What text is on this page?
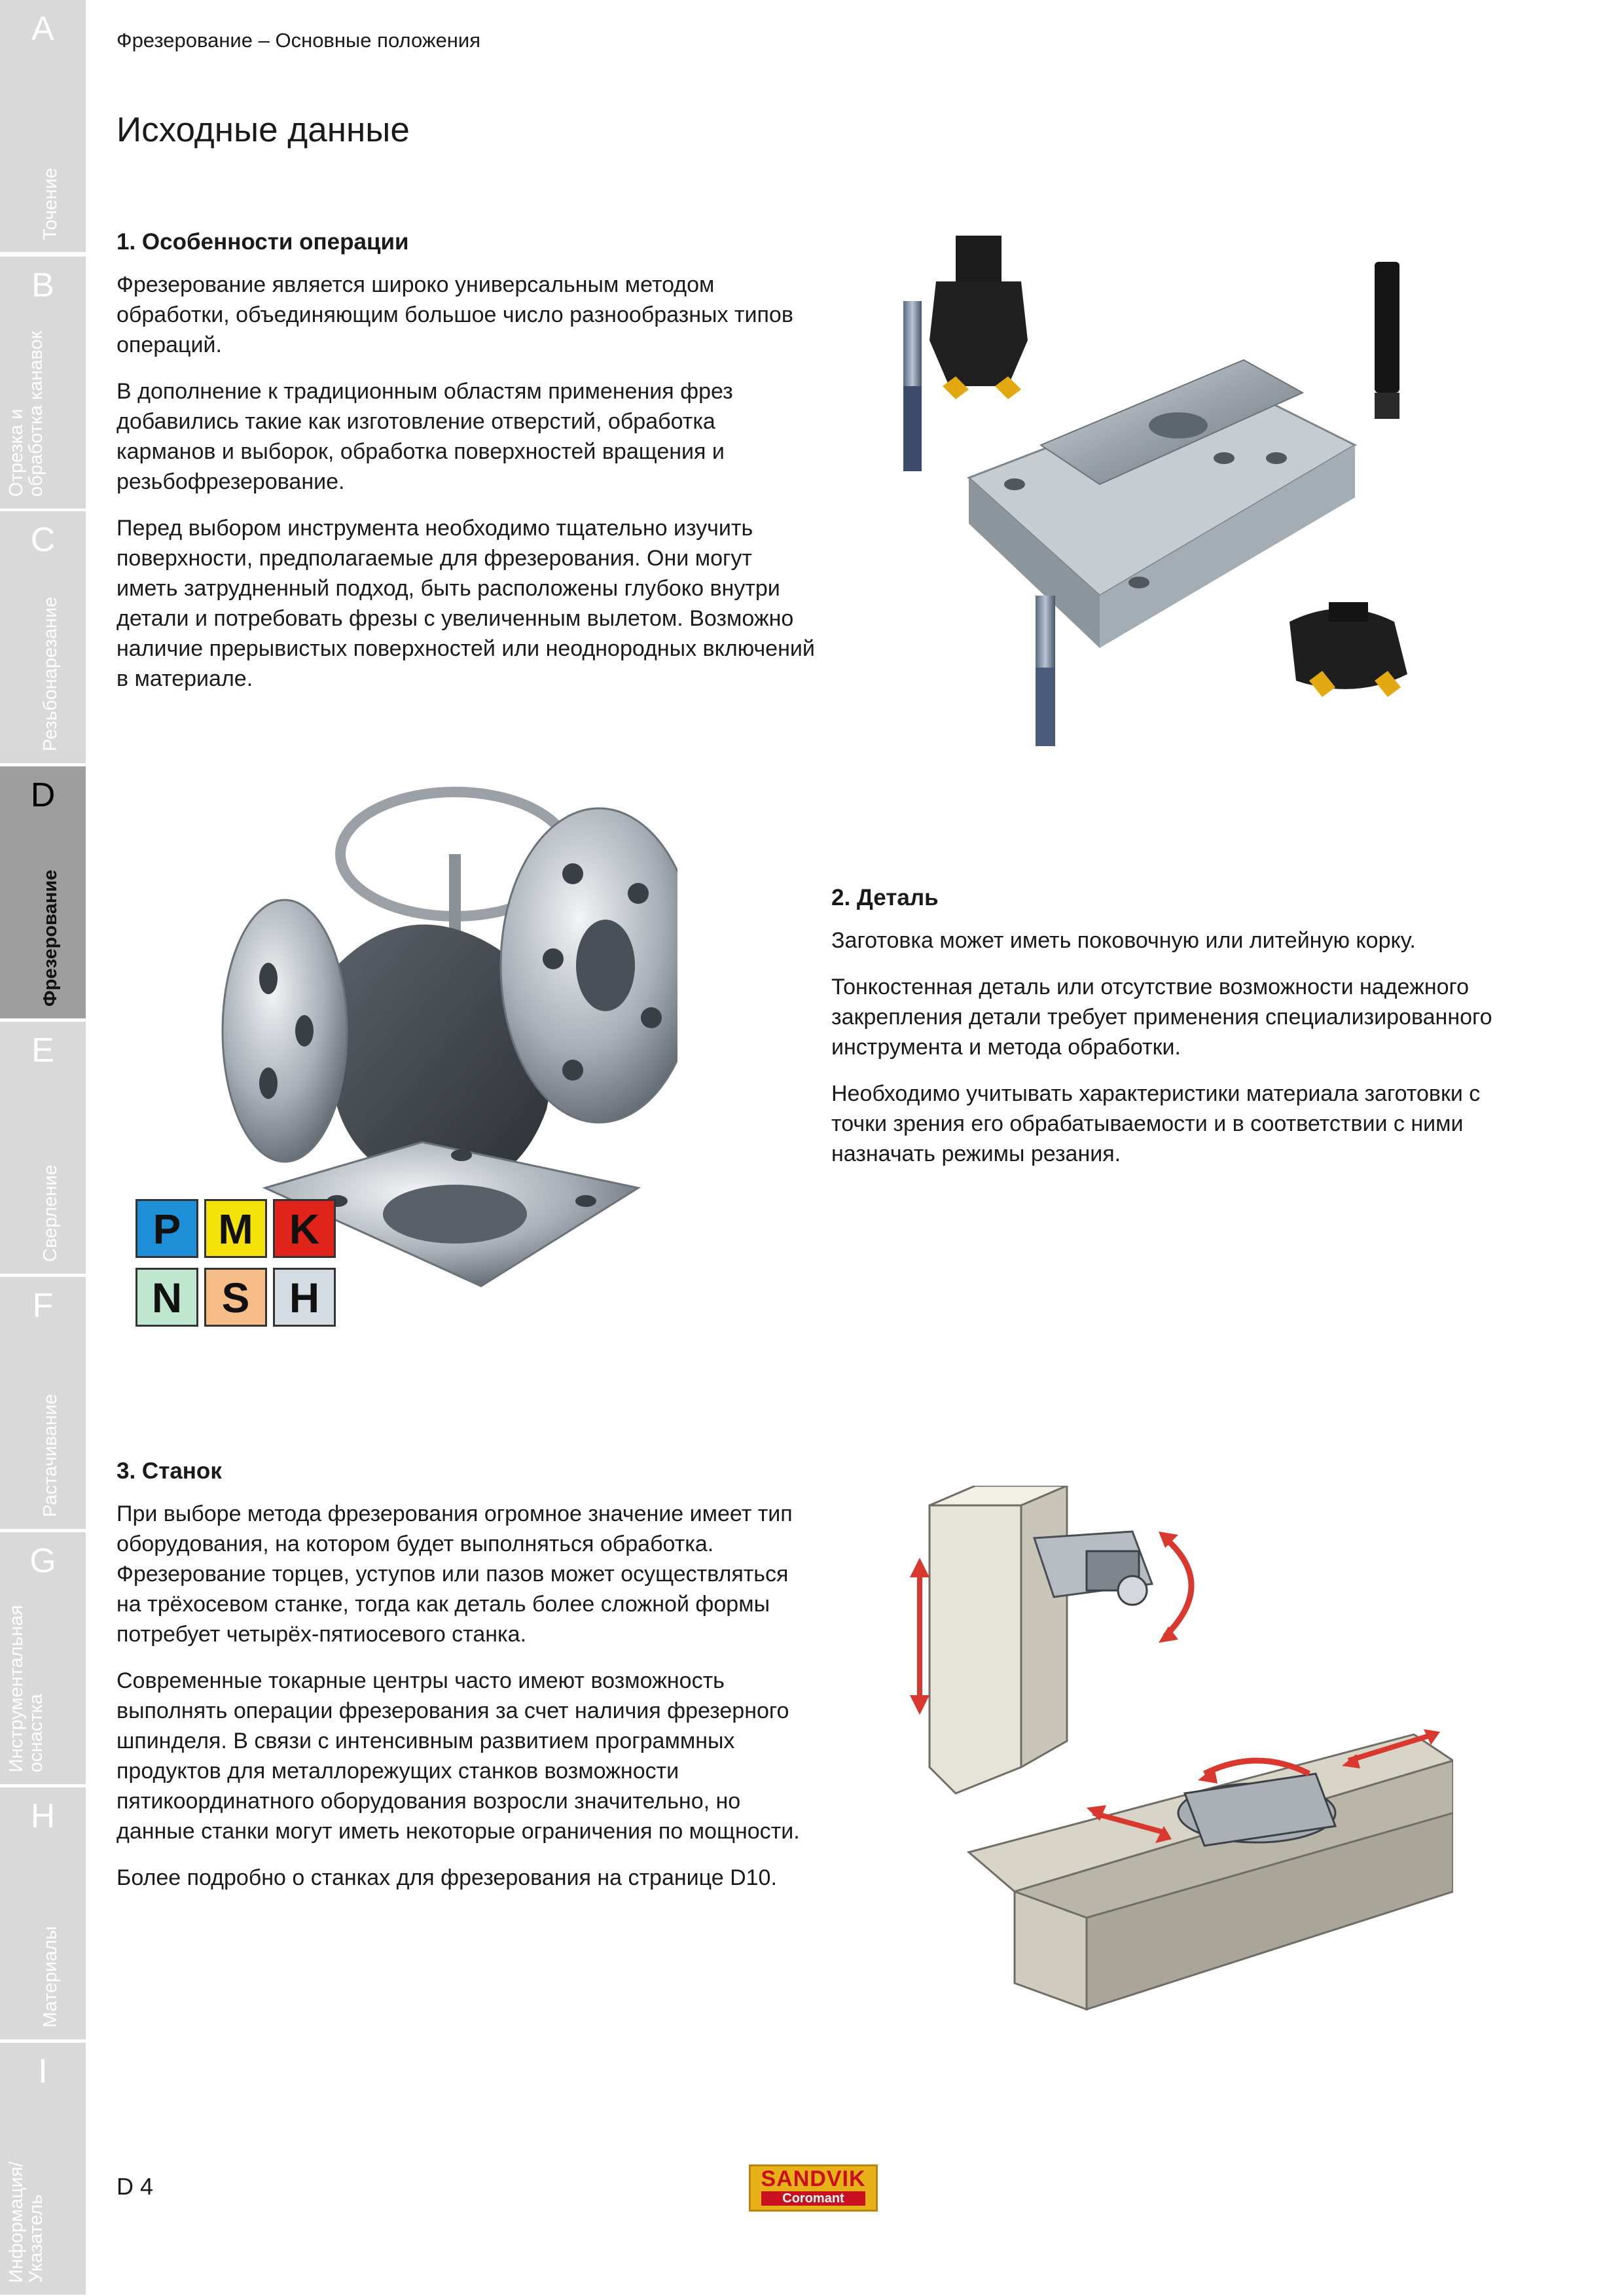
A
Точение
B
Отрезка и
обработка канавок
C
Резьбонарезание
D
Фрезерование
E
Сверление
F
Растачивание
G
Инструментальная
оснастка
H
Материалы
I
Информация/
Указатель
Фрезерование – Основные положения
Исходные данные
1. Особенности операции

Фрезерование является широко универсальным методом обработки, объединяющим большое число разнообразных типов операций.

В дополнение к традиционным областям применения фрез добавились такие как изготовление отверстий, обработка карманов и выборок, обработка поверхностей вращения и резьбофрезерование.

Перед выбором инструмента необходимо тщательно изучить поверхности, предполагаемые для фрезерования. Они могут иметь затрудненный подход, быть расположены глубоко внутри детали и потребовать фрезы с увеличенным вылетом. Возможно наличие прерывистых поверхностей или неоднородных включений в материале.

P M K
N S H
2. Деталь

Заготовка может иметь поковочную или литейную корку.

Тонкостенная деталь или отсутствие возможности надежного закрепления детали требует применения специализированного инструмента и метода обработки.

Необходимо учитывать характеристики материала заготовки с точки зрения его обрабатываемости и в соответствии с ними назначать режимы резания.

3. Станок

При выборе метода фрезерования огромное значение имеет тип оборудования, на котором будет выполняться обработка. Фрезерование торцев, уступов или пазов может осуществляться на трёхосевом станке, тогда как деталь более сложной формы потребует четырёх-пятиосевого станка.

Современные токарные центры часто имеют возможность выполнять операции фрезерования за счет наличия фрезерного шпинделя. В связи с интенсивным развитием программных продуктов для металлорежущих станков возможности пятикоординатного оборудования возросли значительно, но данные станки могут иметь некоторые ограничения по мощности.

Более подробно о станках для фрезерования на странице D10.

D 4	SANDVIK
Coromant
